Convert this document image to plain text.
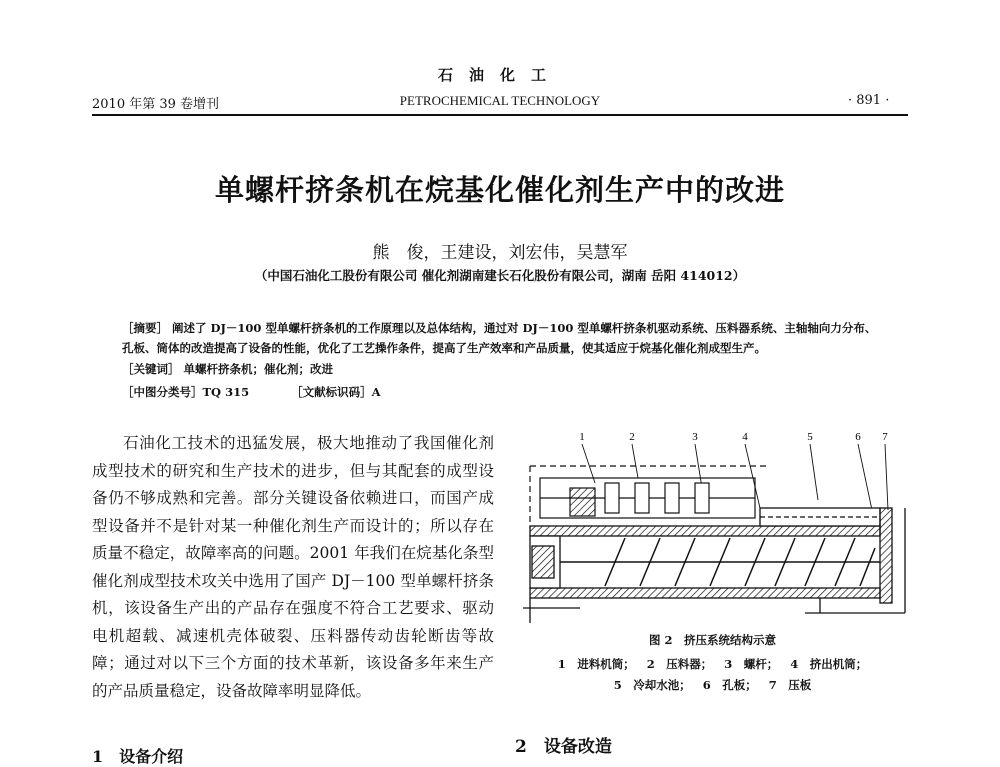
石油化工
2010 年第 39 卷增刊	PETROCHEMICAL TECHNOLOGY	· 891 ·
单螺杆挤条机在烷基化催化剂生产中的改进
熊　俊，王建设，刘宏伟，吴慧军
（中国石油化工股份有限公司 催化剂湖南建长石化股份有限公司，湖南 岳阳 414012）
［摘要］ 阐述了 DJ－100 型单螺杆挤条机的工作原理以及总体结构，通过对 DJ－100 型单螺杆挤条机驱动系统、压料器系统、主轴轴向力分布、孔板、筒体的改造提高了设备的性能，优化了工艺操作条件，提高了生产效率和产品质量，使其适应于烷基化催化剂成型生产。
［关键词］ 单螺杆挤条机；催化剂；改进
［中图分类号］TQ 315	［文献标识码］A

石油化工技术的迅猛发展，极大地推动了我国催化剂成型技术的研究和生产技术的进步，但与其配套的成型设备仍不够成熟和完善。部分关键设备依赖进口，而国产成型设备并不是针对某一种催化剂生产而设计的；所以存在质量不稳定，故障率高的问题。2001 年我们在烷基化条型催化剂成型技术攻关中选用了国产 DJ－100 型单螺杆挤条机，该设备生产出的产品存在强度不符合工艺要求、驱动电机超载、减速机壳体破裂、压料器传动齿轮断齿等故障；通过对以下三个方面的技术革新，该设备多年来生产的产品质量稳定，设备故障率明显降低。

1　设备介绍	2　设备改造
1	2	3	4	5	6 7
图 2　挤压系统结构示意
1　进料机筒； 2　压料器； 3　螺杆； 4　挤出机筒；
5　冷却水池； 6　孔板； 7　压板
